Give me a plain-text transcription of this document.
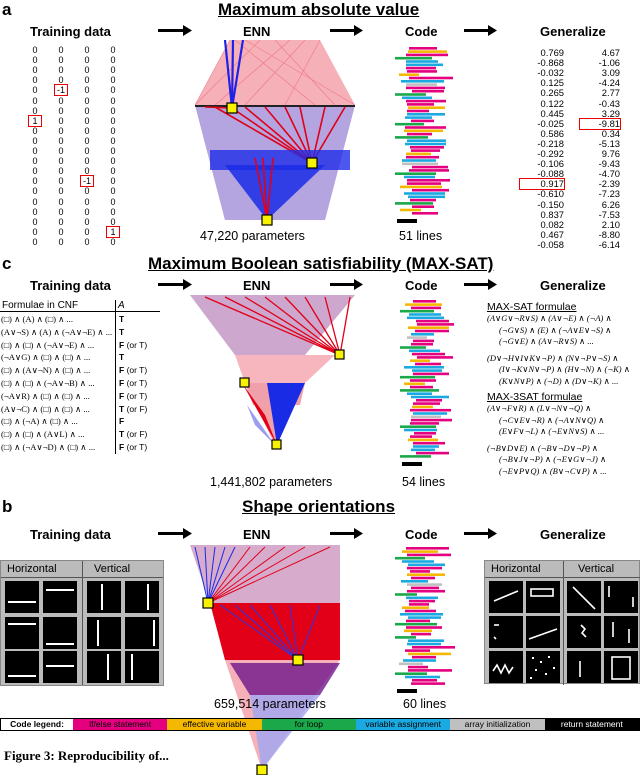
a	Maximum absolute value
Training data	ENN	Code	Generalize
0 0 0 0
0 0 0 0
0 0 0 0
0 0 0 0
0 -1 0 0
0 0 0 0
0 0 0 0
1	0 0 0
0 0 0 0
0 0 0 0
0 0 0 0
0 0 0 0
0 0 0 0
0 0 -1 0
0 0 0 0
0 0 0 0
0 0 0 0
0 0 0 0
0 0 0	1
0 0 0 0	47,220 parameters	51 lines
0.769	4.67
-0.868	-1.06
-0.032	3.09
0.125	-4.24
0.265	2.77
0.122	-0.43
0.445	3.29
-0.025	-9.81
0.586	0.34
-0.218	-5.13
-0.292	9.76
-0.106	-9.43
-0.088	-4.70
0.917	-2.39
-0.610	-7.23
-0.150	6.26
0.837	-7.53
0.082	2.10
0.467	-8.80
-0.058	-6.14
c	Maximum Boolean satisfiability (MAX-SAT)
Training data	ENN	Code	Generalize
Formulae in CNF	A
(□) ∧ (A) ∧ (□) ∧ ...	T
(A∨¬S) ∧ (A) ∧ (¬A∨¬E) ∧ ... T
(□) ∧ (□) ∧ (¬A∨¬E) ∧ ...	F (or T)
(¬A∨G) ∧ (□) ∧ (□) ∧ ...	T
(□) ∧ (A∨¬N) ∧ (□) ∧ ...	F (or T)
(□) ∧ (□) ∧ (¬A∨¬B) ∧ ...	F (or T)
(¬A∨R) ∧ (□) ∧ (□) ∧ ...	F (or T)
(A∨¬C) ∧ (□) ∧ (□) ∧ ...	T (or F)
(□) ∧ (¬A) ∧ (□) ∧ ...	F
(□) ∧ (□) ∧ (A∨L) ∧ ...	T (or F)
(□) ∧ (¬A∨¬D) ∧ (□) ∧ ...	F (or T)
1,441,802 parameters	54 lines
MAX-SAT formulae
(A∨G∨¬R∨S) ∧ (A∨¬E) ∧ (¬A) ∧
(¬G∨S) ∧ (E) ∧ (¬A∨E∨¬S) ∧
(¬G∨E) ∧ (A∨¬R∨S) ∧ ...
(D∨¬H∨I∨K∨¬P) ∧ (N∨¬P∨¬S) ∧
(I∨¬K∨N∨¬P) ∧ (H∨¬N) ∧ (¬K) ∧
(K∨N∨P) ∧ (¬D) ∧ (D∨¬K) ∧ ...
MAX-3SAT formulae
(A∨¬F∨R) ∧ (L∨¬N∨¬Q) ∧
(¬C∨E∨¬R) ∧ (¬A∨N∨Q) ∧
(E∨F∨¬L) ∧ (¬E∨N∨S) ∧ ...
(¬B∨D∨E) ∧ (¬B∨¬D∨¬P) ∧
(¬B∨J∨¬P) ∧ (¬E∨G∨¬J) ∧
(¬E∨P∨Q) ∧ (B∨¬C∨P) ∧ ...
b	Shape orientations
Training data	ENN	Code	Generalize
Horizontal	Vertical
659,514 parameters	60 lines
Horizontal	Vertical
Code legend:	if/else statement	effective variable	for loop	variable assignment	array initialization	return statement
Figure 3: Reproducibility of...
